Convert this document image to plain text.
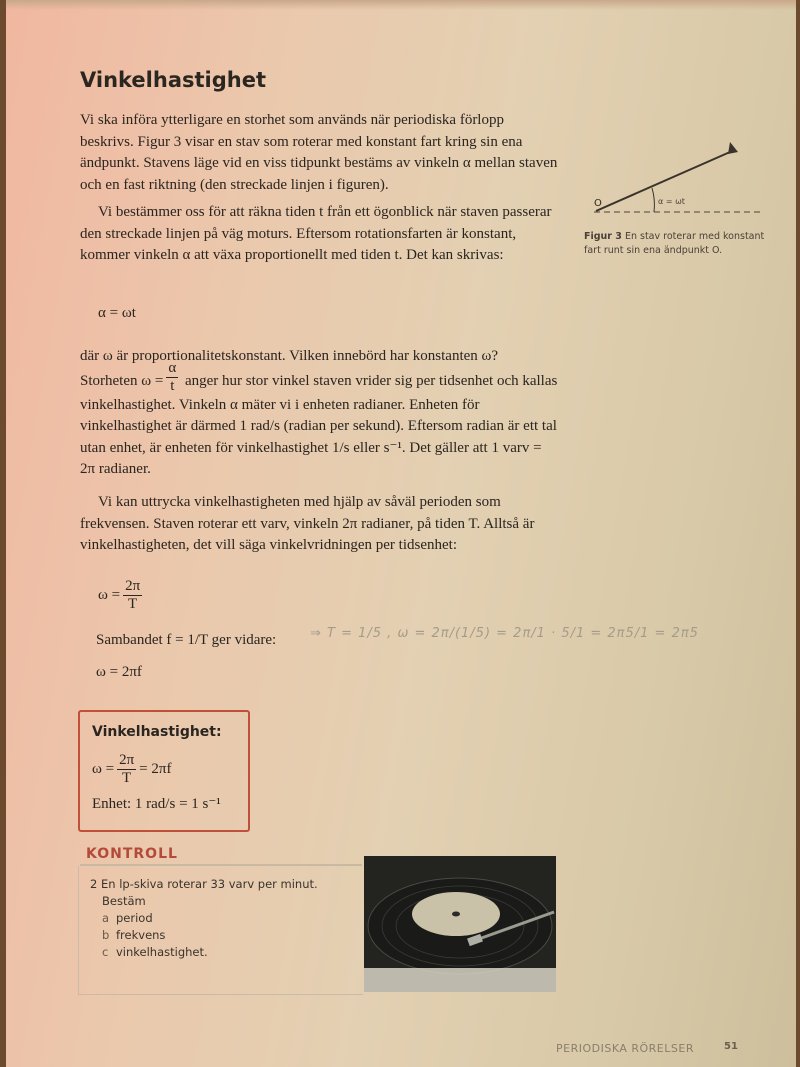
Vinkelhastighet
Vi ska införa ytterligare en storhet som används när periodiska förlopp beskrivs. Figur 3 visar en stav som roterar med konstant fart kring sin ena ändpunkt. Stavens läge vid en viss tidpunkt bestäms av vinkeln α mellan staven och en fast riktning (den streckade linjen i figuren).
Vi bestämmer oss för att räkna tiden t från ett ögonblick när staven passerar den streckade linjen på väg moturs. Eftersom rotationsfarten är konstant, kommer vinkeln α att växa proportionellt med tiden t. Det kan skrivas:
α = ωt
där ω är proportionalitetskonstant. Vilken innebörd har konstanten ω?
Storheten $\omega = \frac{\alpha}{t}$ anger hur stor vinkel staven vrider sig per tidsenhet och kallas vinkelhastighet. Vinkeln α mäter vi i enheten radianer. Enheten för vinkelhastighet är därmed 1 rad/s (radian per sekund). Eftersom radian är ett tal utan enhet, är enheten för vinkelhastighet 1/s eller s⁻¹. Det gäller att 1 varv = 2π radianer.
Vi kan uttrycka vinkelhastigheten med hjälp av såväl perioden som frekvensen. Staven roterar ett varv, vinkeln 2π radianer, på tiden T. Alltså är vinkelhastigheten, det vill säga vinkelvridningen per tidsenhet:
$\omega = \frac{2\pi}{T}$
Sambandet f = 1/T ger vidare:	⇒ T = 1/5 , ω = 2π/(1/5) = 2π/1 · 5/1 = 2π5/1 = 2π5
ω = 2πf
O	α = ωt
Figur 3 En stav roterar med konstant fart runt sin ena ändpunkt O.
Vinkelhastighet:
$\omega = \frac{2\pi}{T} = 2\pi f$
Enhet: 1 rad/s = 1 s⁻¹
KONTROLL
2 En lp-skiva roterar 33 varv per minut.
Bestäm
a period
b frekvens
c vinkelhastighet.
PERIODISKA RÖRELSER	51
